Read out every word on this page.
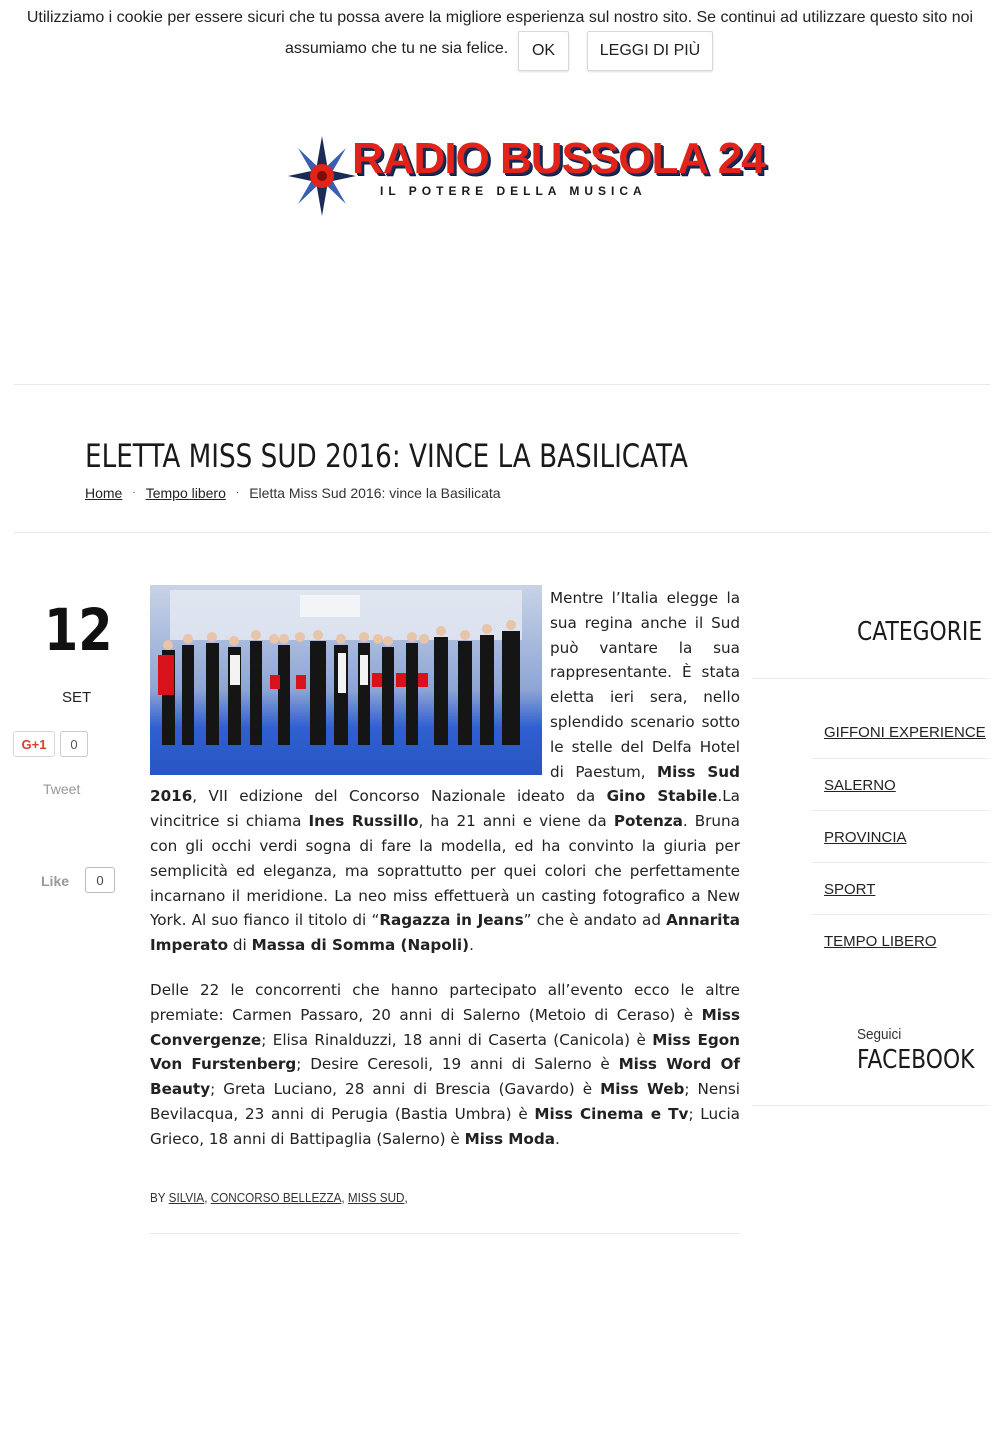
Utilizziamo i cookie per essere sicuri che tu possa avere la migliore esperienza sul nostro sito. Se continui ad utilizzare questo sito noi
assumiamo che tu ne sia felice.	OK	LEGGI DI PIÙ
RADIO BUSSOLA 24
IL POTERE DELLA MUSICA
ELETTA MISS SUD 2016: VINCE LA BASILICATA
Home · Tempo libero · Eletta Miss Sud 2016: vince la Basilicata
12
SET
G+1	0
Tweet
Like	0

Mentre l’Italia elegge la sua regina anche il Sud può vantare la sua rappresentante. È stata eletta ieri sera, nello splendido scenario sotto le stelle del Delfa Hotel di Paestum, Miss Sud 2016, VII edizione del Concorso Nazionale ideato da Gino Stabile.La vincitrice si chiama Ines Russillo, ha 21 anni e viene da Potenza. Bruna con gli occhi verdi sogna di fare la modella, ed ha convinto la giuria per semplicità ed eleganza, ma soprattutto per quei colori che perfettamente incarnano il meridione. La neo miss effettuerà un casting fotografico a New York. Al suo fianco il titolo di “Ragazza in Jeans” che è andato ad Annarita Imperato di Massa di Somma (Napoli).

Delle 22 le concorrenti che hanno partecipato all’evento ecco le altre premiate: Carmen Passaro, 20 anni di Salerno (Metoio di Ceraso) è Miss Convergenze; Elisa Rinalduzzi, 18 anni di Caserta (Canicola) è Miss Egon Von Furstenberg; Desire Ceresoli, 19 anni di Salerno è Miss Word Of Beauty; Greta Luciano, 28 anni di Brescia (Gavardo) è Miss Web; Nensi Bevilacqua, 23 anni di Perugia (Bastia Umbra) è Miss Cinema e Tv; Lucia Grieco, 18 anni di Battipaglia (Salerno) è Miss Moda.

BY SILVIA, CONCORSO BELLEZZA, MISS SUD,
CATEGORIE
GIFFONI EXPERIENCE
SALERNO
PROVINCIA
SPORT
TEMPO LIBERO
Seguici
FACEBOOK
